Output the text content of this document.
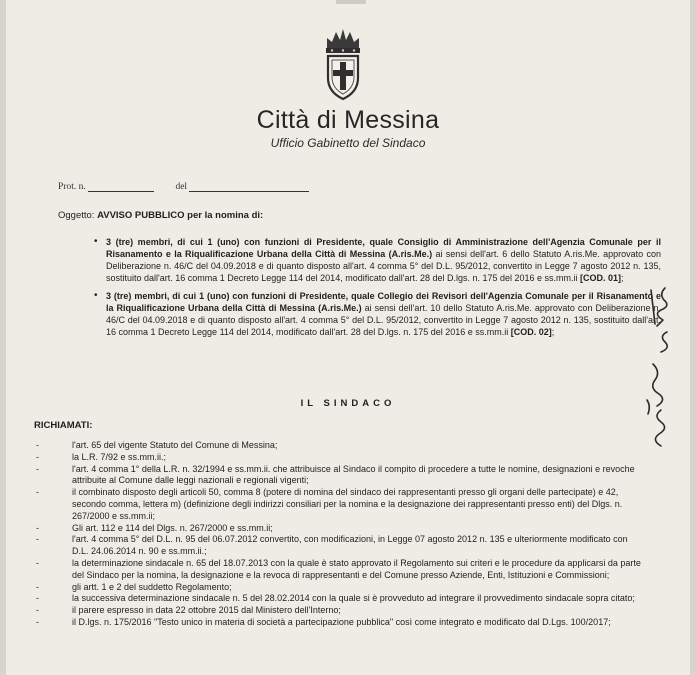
Città di Messina
Ufficio Gabinetto del Sindaco
Prot. n.	del
Oggetto: AVVISO PUBBLICO per la nomina di:
• 3 (tre) membri, di cui 1 (uno) con funzioni di Presidente, quale Consiglio di Amministrazione dell'Agenzia Comunale per il Risanamento e la Riqualificazione Urbana della Città di Messina (A.ris.Me.) ai sensi dell'art. 6 dello Statuto A.ris.Me. approvato con Deliberazione n. 46/C del 04.09.2018 e di quanto disposto all'art. 4 comma 5° del D.L. 95/2012, convertito in Legge 7 agosto 2012 n. 135, sostituito dall'art. 16 comma 1 Decreto Legge 114 del 2014, modificato dall'art. 28 del D.lgs. n. 175 del 2016 e ss.mm.ii [COD. 01];
• 3 (tre) membri, di cui 1 (uno) con funzioni di Presidente, quale Collegio dei Revisori dell'Agenzia Comunale per il Risanamento e la Riqualificazione Urbana della Città di Messina (A.ris.Me.) ai sensi dell'art. 10 dello Statuto A.ris.Me. approvato con Deliberazione n. 46/C del 04.09.2018 e di quanto disposto all'art. 4 comma 5° del D.L. 95/2012, convertito in Legge 7 agosto 2012 n. 135, sostituito dall'art. 16 comma 1 Decreto Legge 114 del 2014, modificato dall'art. 28 del D.lgs. n. 175 del 2016 e ss.mm.ii [COD. 02];
IL SINDACO
RICHIAMATI:
- l'art. 65 del vigente Statuto del Comune di Messina;
- la L.R. 7/92 e ss.mm.ii.;
- l'art. 4 comma 1° della L.R. n. 32/1994 e ss.mm.ii. che attribuisce al Sindaco il compito di procedere a tutte le nomine, designazioni e revoche attribuite al Comune dalle leggi nazionali e regionali vigenti;
- il combinato disposto degli articoli 50, comma 8 (potere di nomina del sindaco dei rappresentanti presso gli organi delle partecipate) e 42, secondo comma, lettera m) (definizione degli indirizzi consiliari per la nomina e la designazione dei rappresentanti presso enti) del Dlgs. n. 267/2000 e ss.mm.ii;
- Gli art. 112 e 114 del Dlgs. n. 267/2000 e ss.mm.ii;
- l'art. 4 comma 5° del D.L. n. 95 del 06.07.2012 convertito, con modificazioni, in Legge 07 agosto 2012 n. 135 e ulteriormente modificato con D.L. 24.06.2014 n. 90 e ss.mm.ii.;
- la determinazione sindacale n. 65 del 18.07.2013 con la quale è stato approvato il Regolamento sui criteri e le procedure da applicarsi da parte del Sindaco per la nomina, la designazione e la revoca di rappresentanti e del Comune presso Aziende, Enti, Istituzioni e Commissioni;
- gli artt. 1 e 2 del suddetto Regolamento;
- la successiva determinazione sindacale n. 5 del 28.02.2014 con la quale si è provveduto ad integrare il provvedimento sindacale sopra citato;
- il parere espresso in data 22 ottobre 2015 dal Ministero dell'Interno;
- il D.lgs. n. 175/2016 "Testo unico in materia di società a partecipazione pubblica" così come integrato e modificato dal D.Lgs. 100/2017;
